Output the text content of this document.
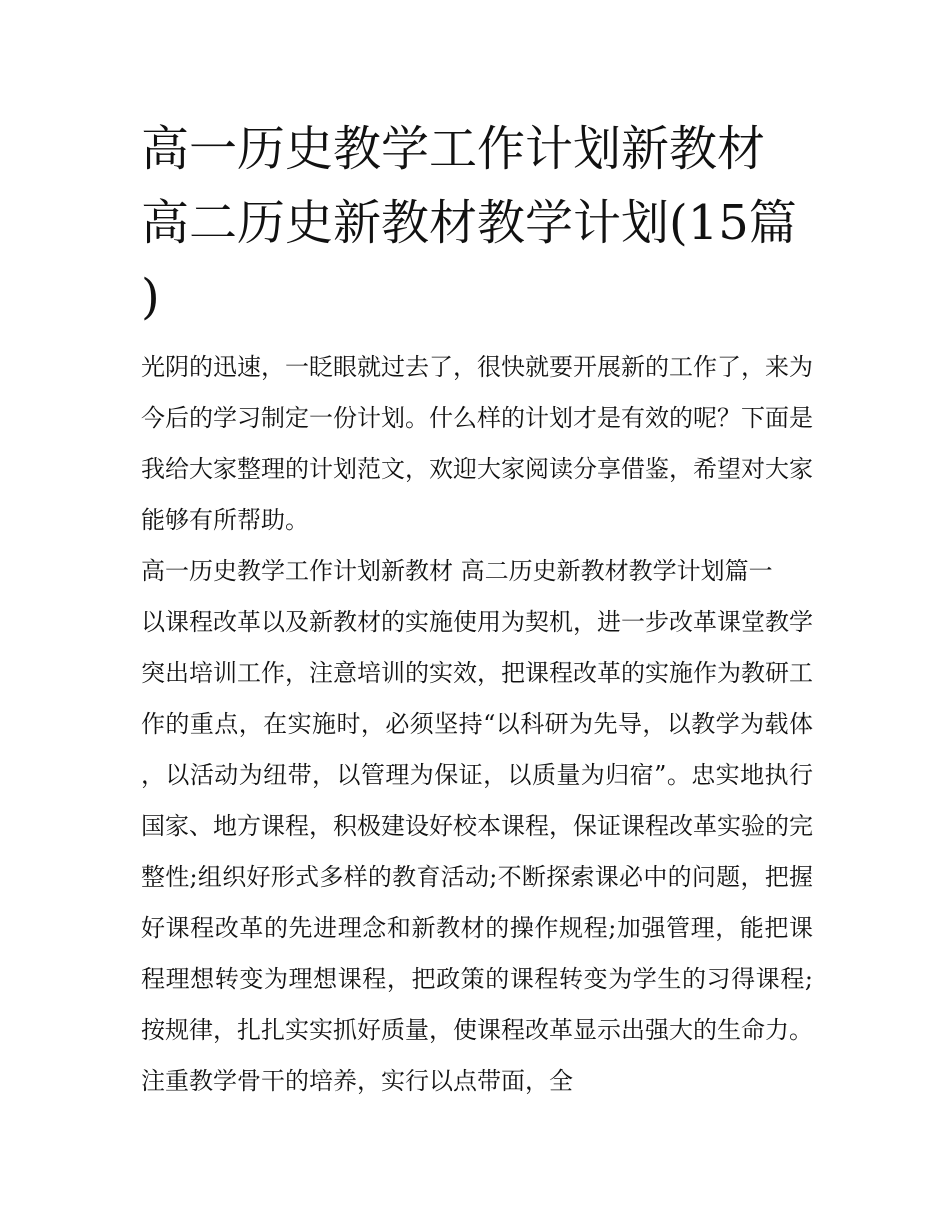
高一历史教学工作计划新教材 高二历史新教材教学计划(15篇)

光阴的迅速，一眨眼就过去了，很快就要开展新的工作了，来为今后的学习制定一份计划。什么样的计划才是有效的呢？下面是我给大家整理的计划范文，欢迎大家阅读分享借鉴，希望对大家能够有所帮助。

高一历史教学工作计划新教材 高二历史新教材教学计划篇一

以课程改革以及新教材的实施使用为契机，进一步改革课堂教学突出培训工作，注意培训的实效，把课程改革的实施作为教研工作的重点，在实施时，必须坚持“以科研为先导，以教学为载体，以活动为纽带，以管理为保证，以质量为归宿”。忠实地执行国家、地方课程，积极建设好校本课程，保证课程改革实验的完整性;组织好形式多样的教育活动;不断探索课必中的问题，把握好课程改革的先进理念和新教材的操作规程;加强管理，能把课程理想转变为理想课程，把政策的课程转变为学生的习得课程;按规律，扎扎实实抓好质量，使课程改革显示出强大的生命力。注重教学骨干的培养，实行以点带面，全
